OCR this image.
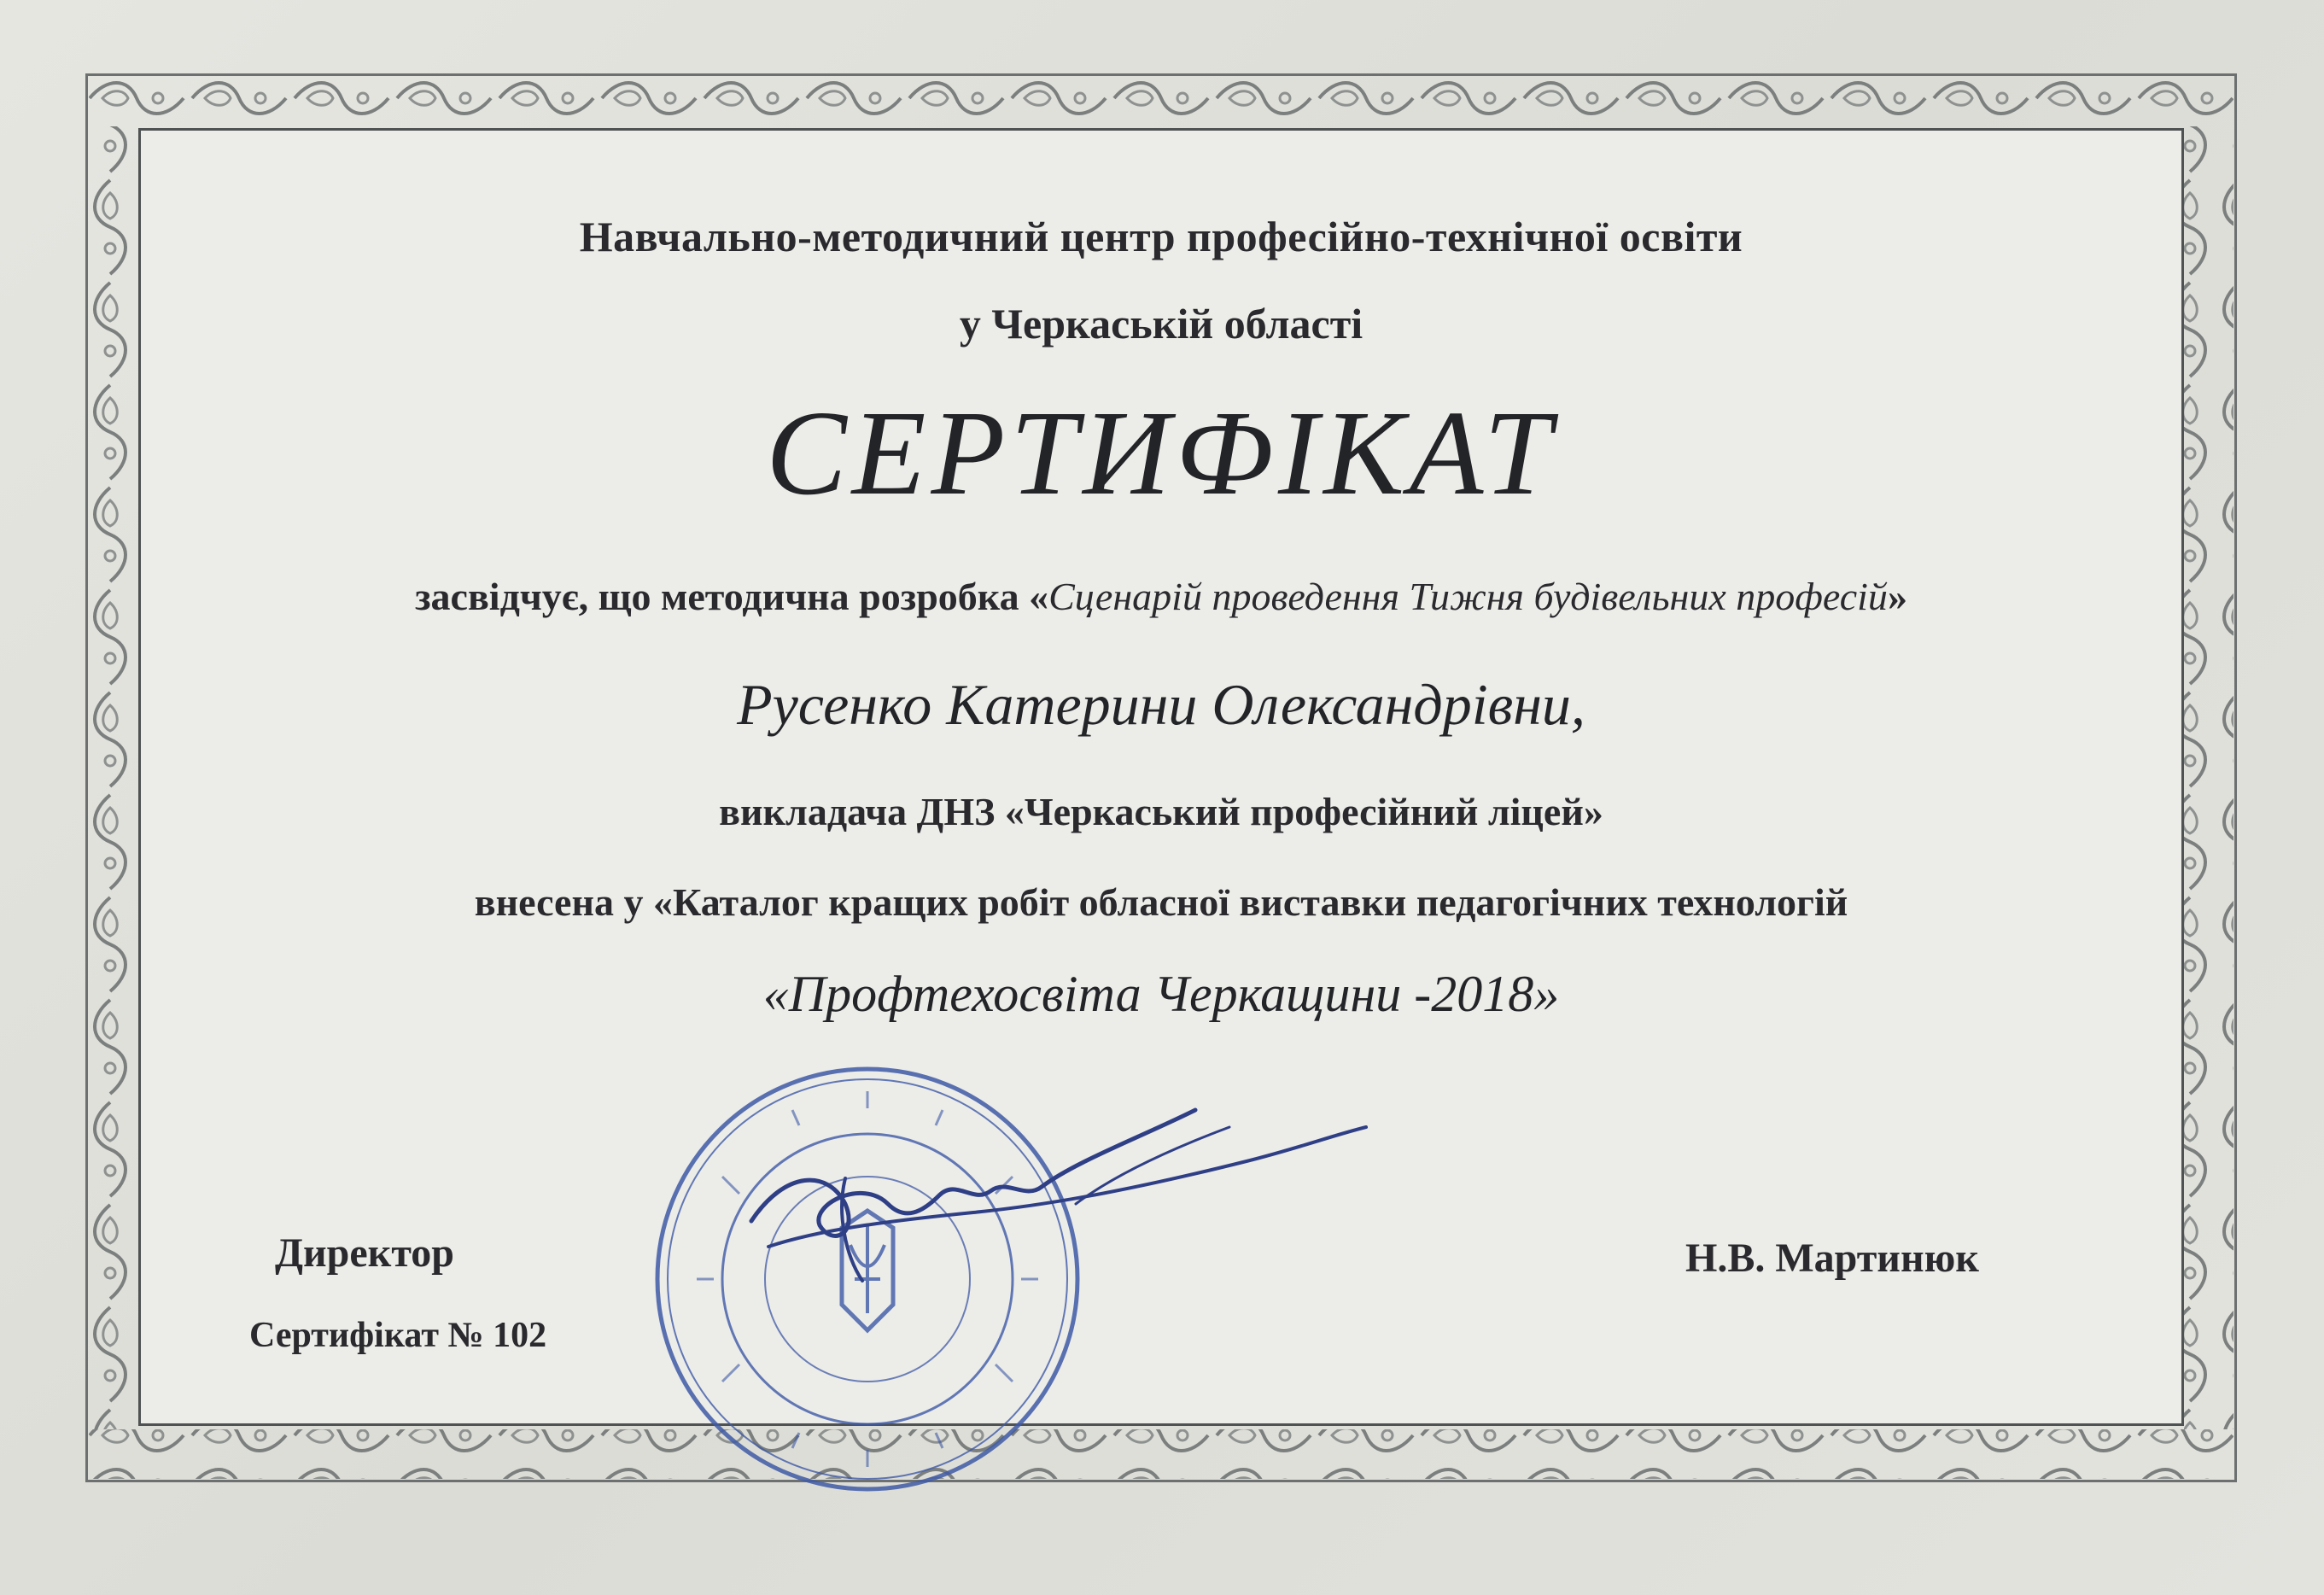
Навчально-методичний центр професійно-технічної освіти
у Черкаській області
СЕРТИФІКАТ
засвідчує, що методична розробка «Сценарій проведення Тижня будівельних професій»
Русенко Катерини Олександрівни,
викладача ДНЗ «Черкаський професійний ліцей»
внесена у «Каталог кращих робіт обласної виставки педагогічних технологій
«Профтехосвіта Черкащини -2018»
Директор
Сертифікат № 102
Н.В. Мартинюк
